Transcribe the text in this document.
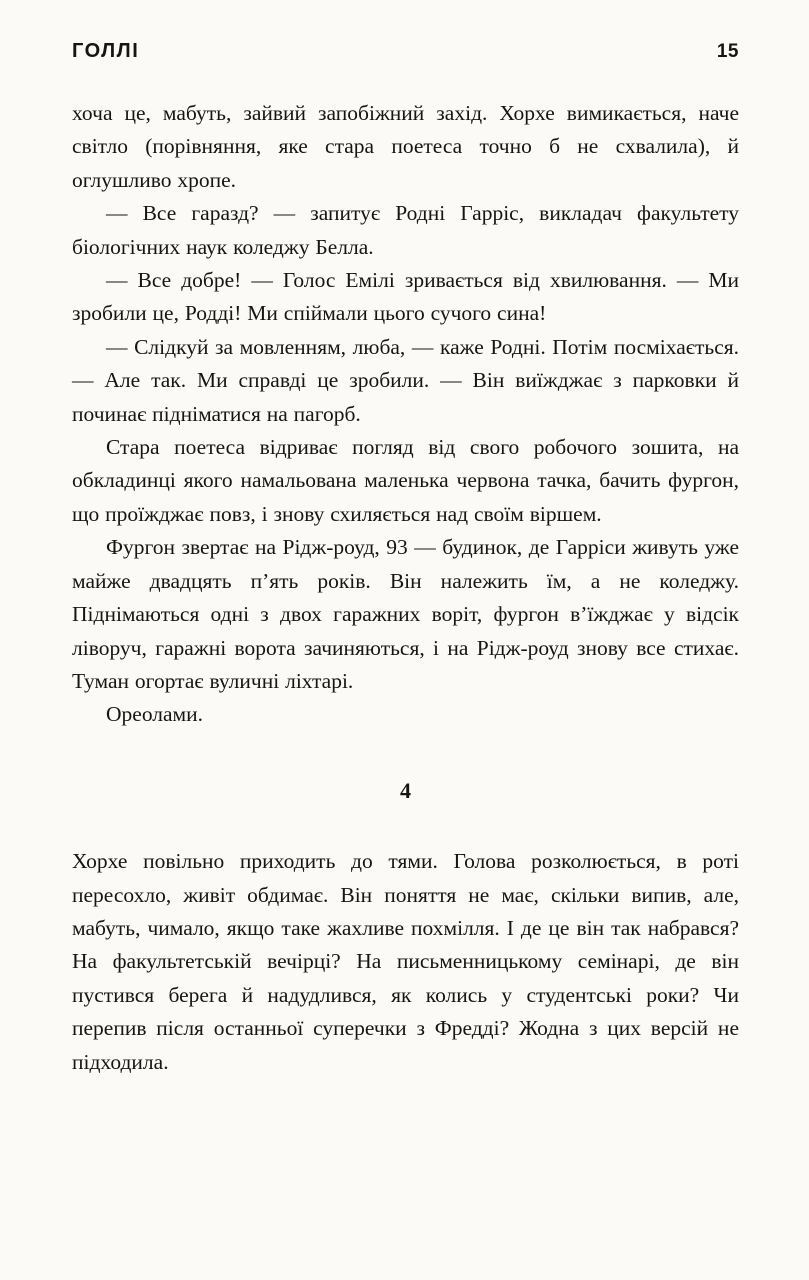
ГОЛЛІ	15

хоча це, мабуть, зайвий запобіжний захід. Хорхе вимикається, наче світло (порівняння, яке стара поетеса точно б не схвалила), й оглушливо хропе.

— Все гаразд? — запитує Родні Гарріс, викладач факультету біологічних наук коледжу Белла.

— Все добре! — Голос Емілі зривається від хвилювання. — Ми зробили це, Родді! Ми спіймали цього сучого сина!

— Слідкуй за мовленням, люба, — каже Родні. Потім посміхається. — Але так. Ми справді це зробили. — Він виїжджає з парковки й починає підніматися на пагорб.

Стара поетеса відриває погляд від свого робочого зошита, на обкладинці якого намальована маленька червона тачка, бачить фургон, що проїжджає повз, і знову схиляється над своїм віршем.

Фургон звертає на Рідж-роуд, 93 — будинок, де Гарріси живуть уже майже двадцять п’ять років. Він належить їм, а не коледжу. Піднімаються одні з двох гаражних воріт, фургон в’їжджає у відсік ліворуч, гаражні ворота зачиняються, і на Рідж-роуд знову все стихає. Туман огортає вуличні ліхтарі.

Ореолами.

4

Хорхе повільно приходить до тями. Голова розколюється, в роті пересохло, живіт обдимає. Він поняття не має, скільки випив, але, мабуть, чимало, якщо таке жахливе похмілля. І де це він так набрався? На факультетській вечірці? На письменницькому семінарі, де він пустився берега й надудлився, як колись у студентські роки? Чи перепив після останньої суперечки з Фредді? Жодна з цих версій не підходила.
